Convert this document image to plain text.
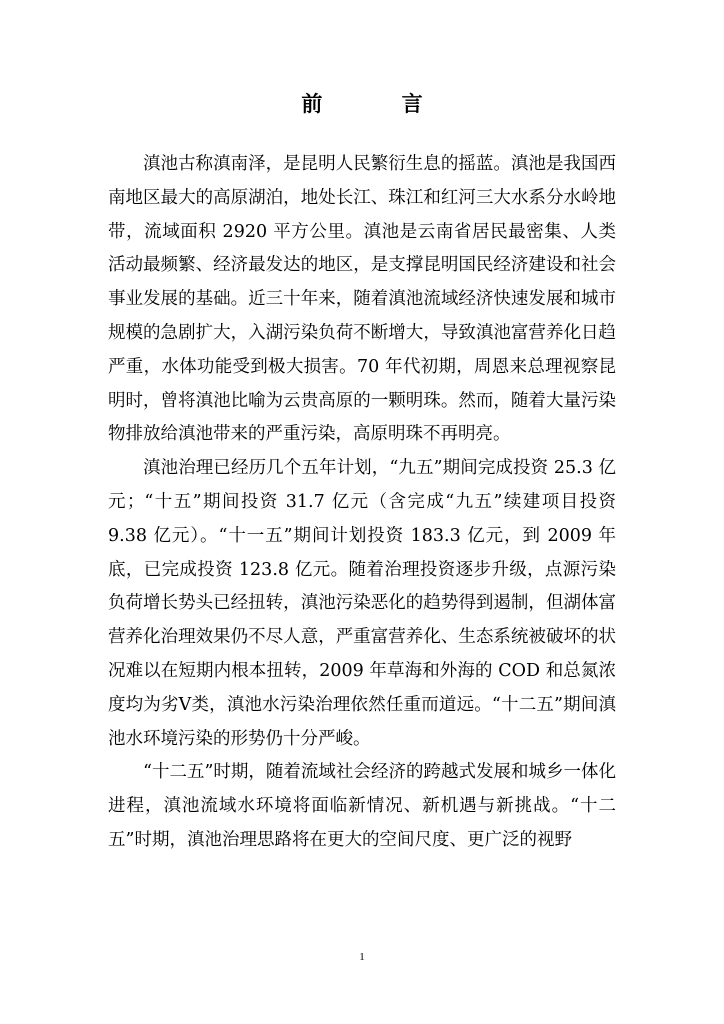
前 言

滇池古称滇南泽，是昆明人民繁衍生息的摇蓝。滇池是我国西南地区最大的高原湖泊，地处长江、珠江和红河三大水系分水岭地带，流域面积 2920 平方公里。滇池是云南省居民最密集、人类活动最频繁、经济最发达的地区，是支撑昆明国民经济建设和社会事业发展的基础。近三十年来，随着滇池流域经济快速发展和城市规模的急剧扩大，入湖污染负荷不断增大，导致滇池富营养化日趋严重，水体功能受到极大损害。70 年代初期，周恩来总理视察昆明时，曾将滇池比喻为云贵高原的一颗明珠。然而，随着大量污染物排放给滇池带来的严重污染，高原明珠不再明亮。

滇池治理已经历几个五年计划，“九五”期间完成投资 25.3 亿元；“十五”期间投资 31.7 亿元（含完成“九五”续建项目投资 9.38 亿元）。“十一五”期间计划投资 183.3 亿元，到 2009 年底，已完成投资 123.8 亿元。随着治理投资逐步升级，点源污染负荷增长势头已经扭转，滇池污染恶化的趋势得到遏制，但湖体富营养化治理效果仍不尽人意，严重富营养化、生态系统被破坏的状况难以在短期内根本扭转，2009 年草海和外海的 COD 和总氮浓度均为劣Ⅴ类，滇池水污染治理依然任重而道远。“十二五”期间滇池水环境污染的形势仍十分严峻。

“十二五”时期，随着流域社会经济的跨越式发展和城乡一体化进程，滇池流域水环境将面临新情况、新机遇与新挑战。“十二五”时期，滇池治理思路将在更大的空间尺度、更广泛的视野

1
